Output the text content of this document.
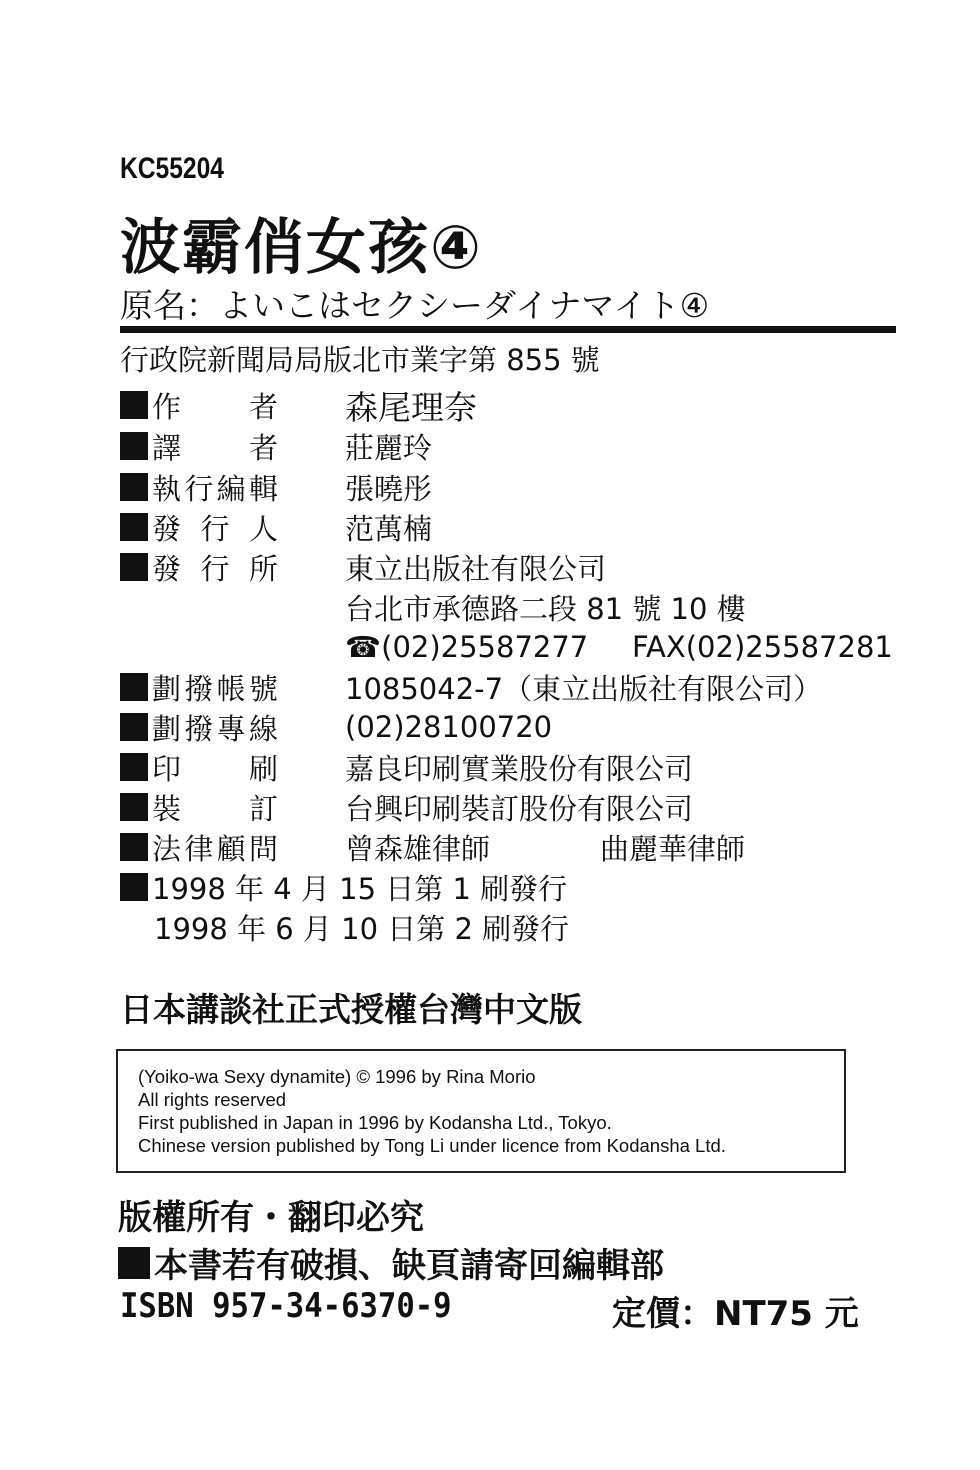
KC55204
波霸俏女孩④
原名：よいこはセクシーダイナマイト④
行政院新聞局局版北市業字第 855 號
作者 森尾理奈
譯者 莊麗玲
執行編輯 張曉彤
發行人 范萬楠
發行所 東立出版社有限公司
台北市承德路二段 81 號 10 樓
☎(02)25587277 FAX(02)25587281
劃撥帳號 1085042-7（東立出版社有限公司）
劃撥專線 (02)28100720
印刷 嘉良印刷實業股份有限公司
裝訂 台興印刷裝訂股份有限公司
法律顧問 曾森雄律師	曲麗華律師
1998 年 4 月 15 日第 1 刷發行
1998 年 6 月 10 日第 2 刷發行
日本講談社正式授權台灣中文版
(Yoiko-wa Sexy dynamite) © 1996 by Rina Morio
All rights reserved
First published in Japan in 1996 by Kodansha Ltd., Tokyo.
Chinese version published by Tong Li under licence from Kodansha Ltd.
版權所有・翻印必究
本書若有破損、缺頁請寄回編輯部
ISBN 957-34-6370-9	定價：NT75 元
